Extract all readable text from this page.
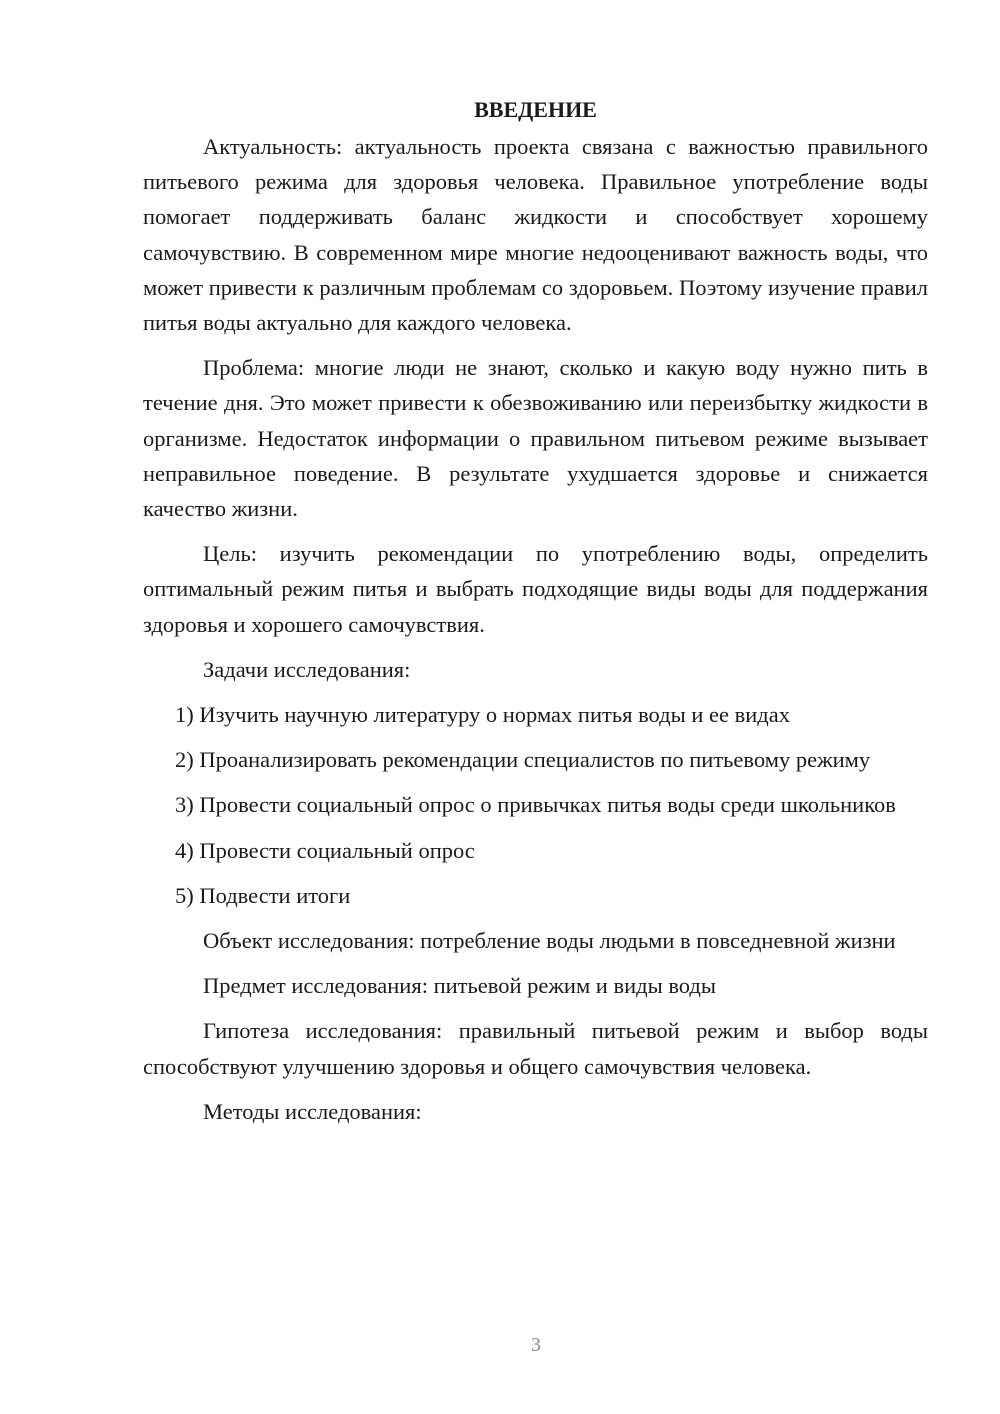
ВВЕДЕНИЕ

Актуальность: актуальность проекта связана с важностью правильного питьевого режима для здоровья человека. Правильное употребление воды помогает поддерживать баланс жидкости и способствует хорошему самочувствию. В современном мире многие недооценивают важность воды, что может привести к различным проблемам со здоровьем. Поэтому изучение правил питья воды актуально для каждого человека.

Проблема: многие люди не знают, сколько и какую воду нужно пить в течение дня. Это может привести к обезвоживанию или переизбытку жидкости в организме. Недостаток информации о правильном питьевом режиме вызывает неправильное поведение. В результате ухудшается здоровье и снижается качество жизни.

Цель: изучить рекомендации по употреблению воды, определить оптимальный режим питья и выбрать подходящие виды воды для поддержания здоровья и хорошего самочувствия.

Задачи исследования:

1) Изучить научную литературу о нормах питья воды и ее видах

2) Проанализировать рекомендации специалистов по питьевому режиму

3) Провести социальный опрос о привычках питья воды среди школьников

4) Провести социальный опрос

5) Подвести итоги

Объект исследования: потребление воды людьми в повседневной жизни

Предмет исследования: питьевой режим и виды воды

Гипотеза исследования: правильный питьевой режим и выбор воды способствуют улучшению здоровья и общего самочувствия человека.

Методы исследования:

3
